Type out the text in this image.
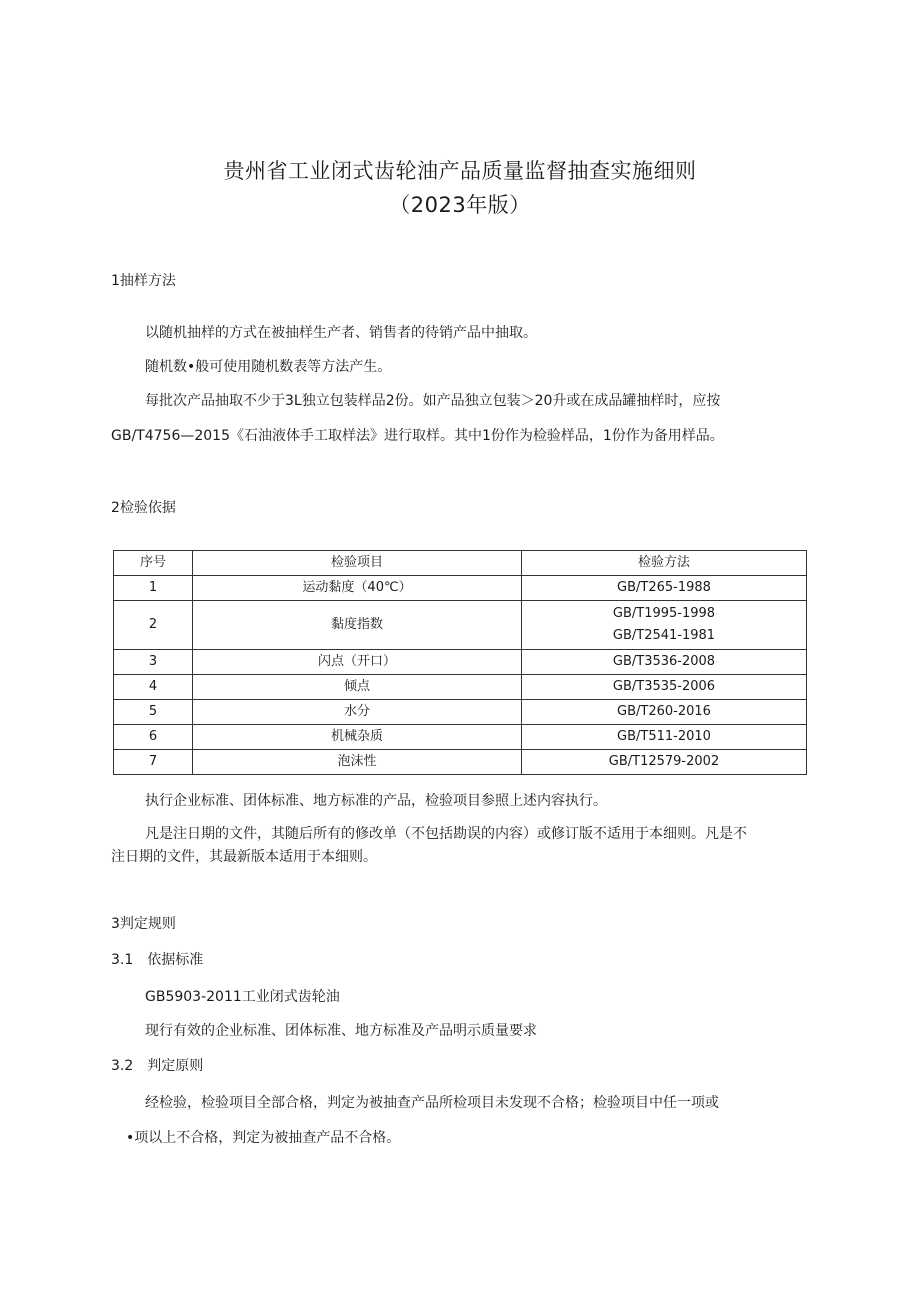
贵州省工业闭式齿轮油产品质量监督抽查实施细则
（2023年版）
1抽样方法
以随机抽样的方式在被抽样生产者、销售者的待销产品中抽取。
随机数•般可使用随机数表等方法产生。
每批次产品抽取不少于3L独立包装样品2份。如产品独立包装＞20升或在成品罐抽样时，应按
GB/T4756—2015《石油液体手工取样法》进行取样。其中1份作为检验样品，1份作为备用样品。
2检验依据
序号	检验项目	检验方法
1	运动黏度（40℃）	GB/T265-1988
2	黏度指数	GB/T1995-1998
GB/T2541-1981

3	闪点（开口）	GB/T3536-2008
4	倾点	GB/T3535-2006
5	水分	GB/T260-2016
6	机械杂质	GB/T511-2010
7	泡沫性	GB/T12579-2002
执行企业标准、团体标准、地方标准的产品，检验项目参照上述内容执行。
凡是注日期的文件，其随后所有的修改单（不包括勘误的内容）或修订版不适用于本细则。凡是不
注日期的文件，其最新版本适用于本细则。
3判定规则
3.1　依据标准
GB5903-2011工业闭式齿轮油
现行有效的企业标准、团体标准、地方标准及产品明示质量要求
3.2　判定原则
经检验，检验项目全部合格，判定为被抽查产品所检项目未发现不合格；检验项目中任一项或
•项以上不合格，判定为被抽查产品不合格。
